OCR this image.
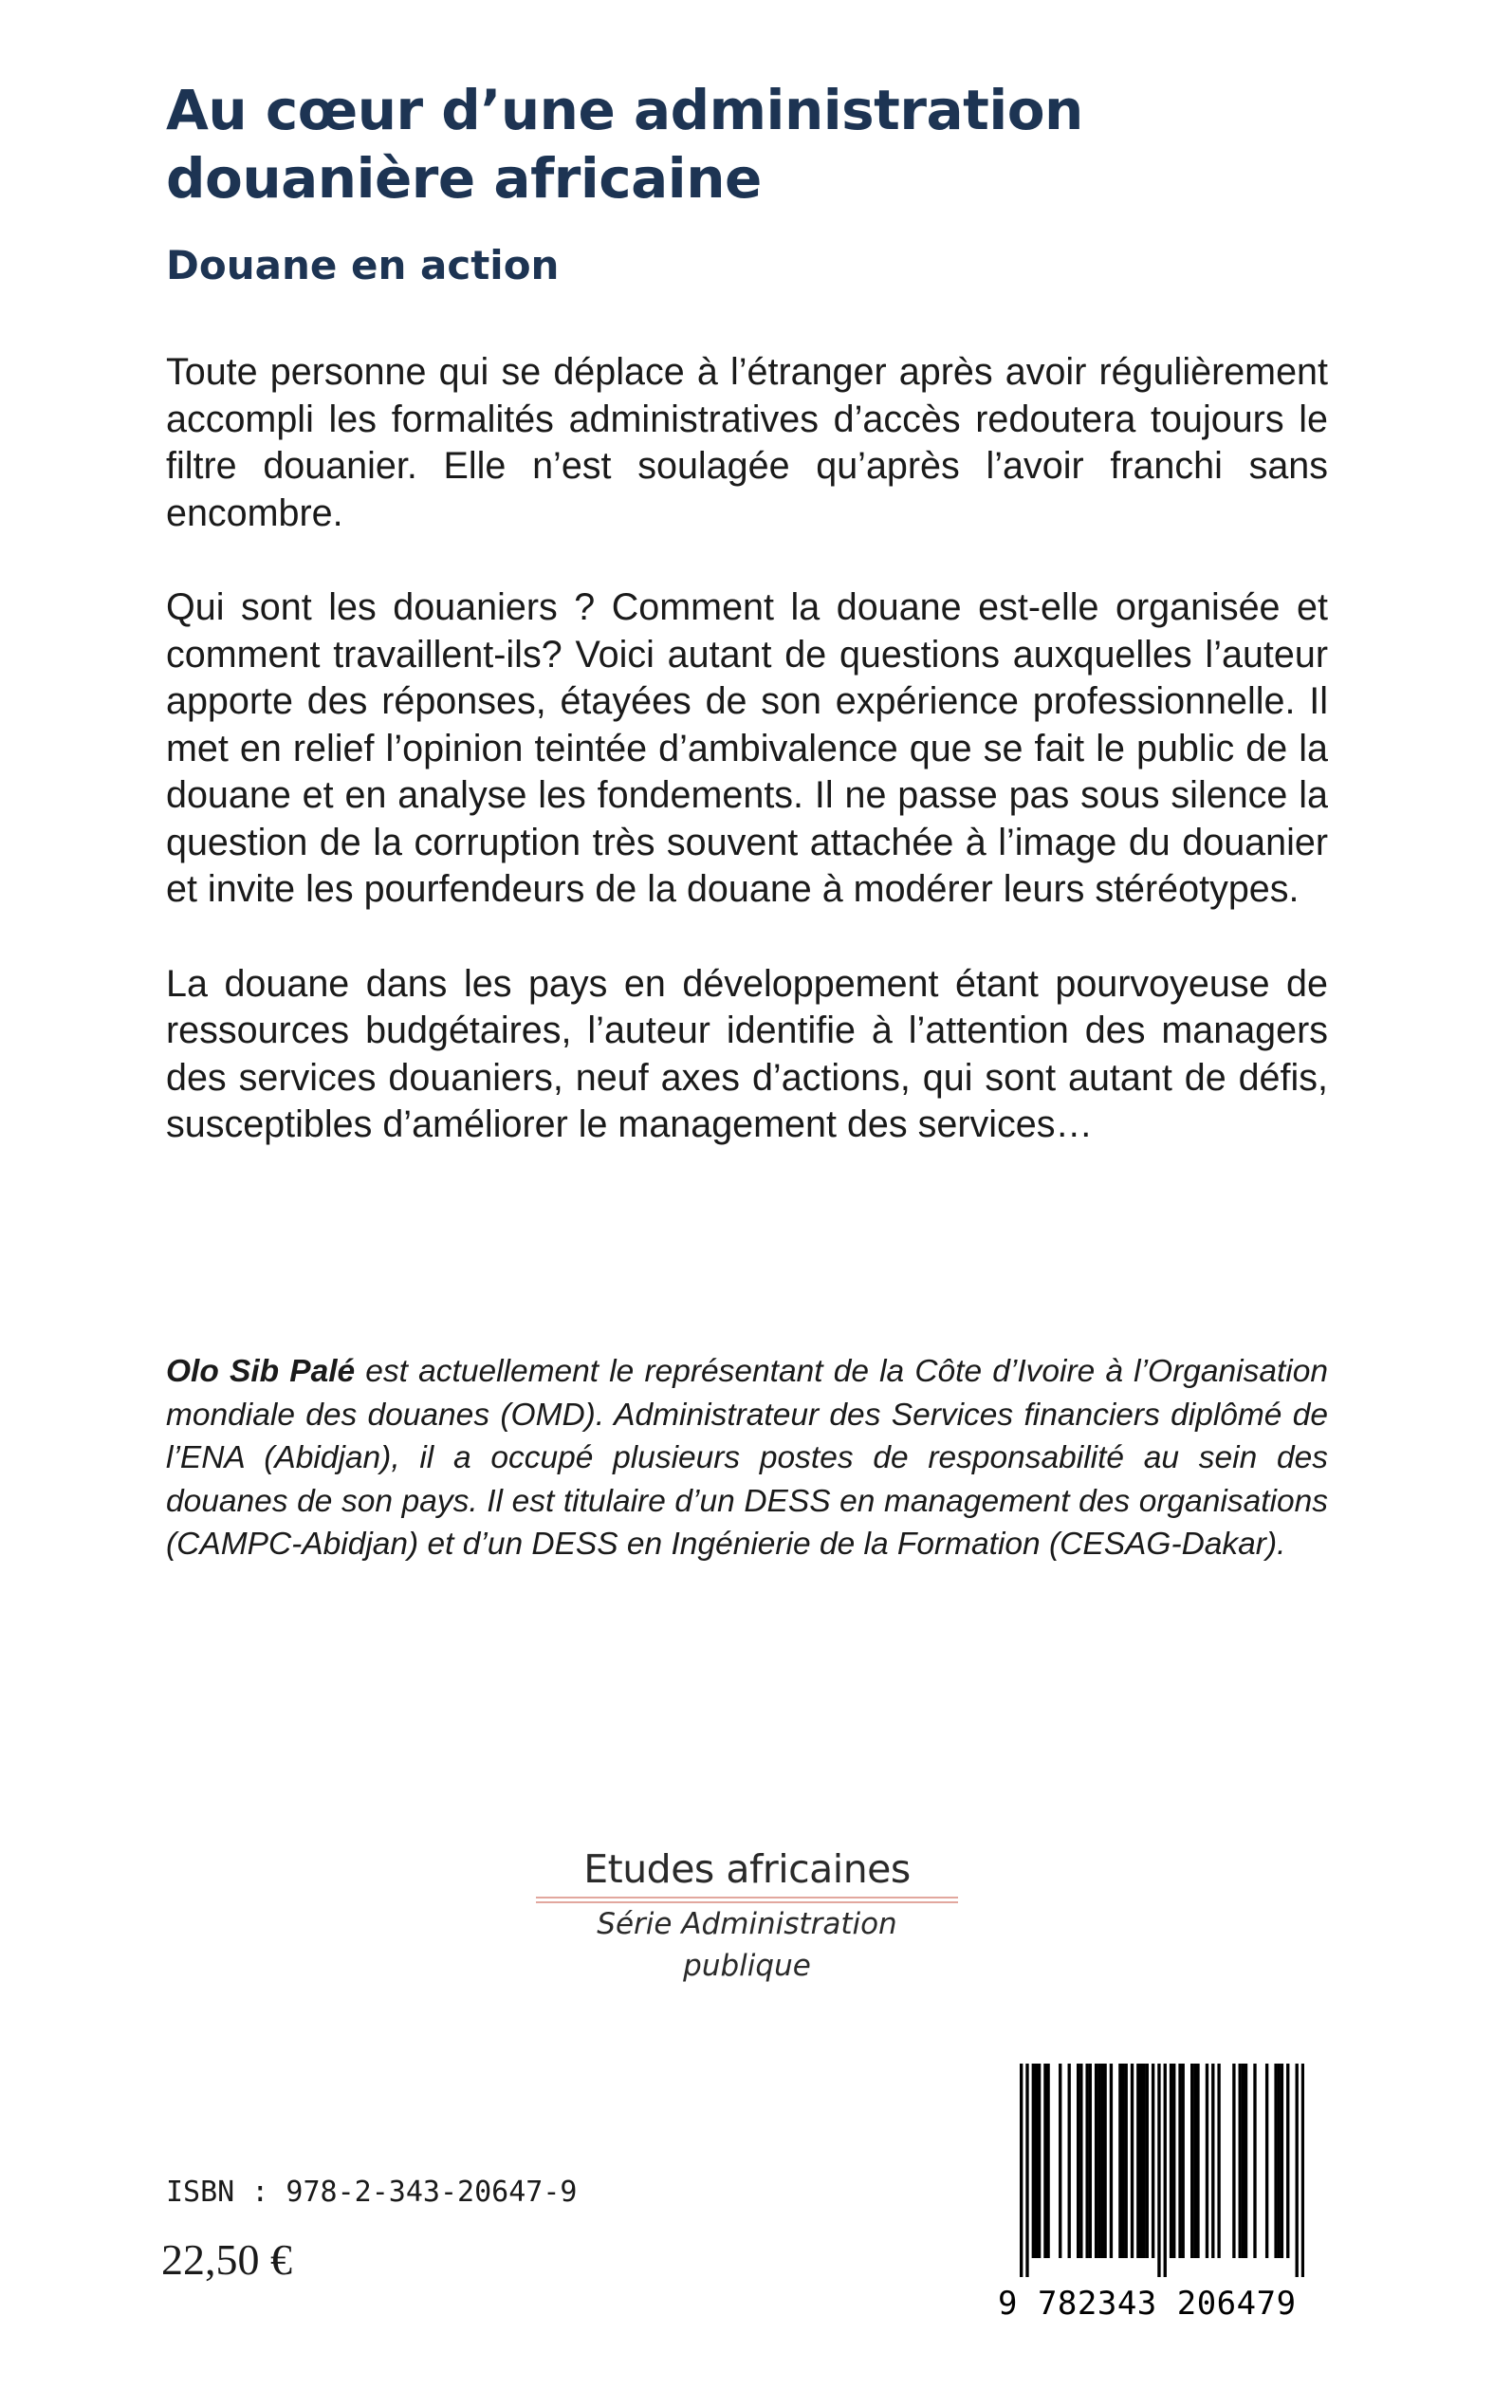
Au cœur d’une administration
douanière africaine
Douane en action

Toute personne qui se déplace à l’étranger après avoir régulièrement accompli les formalités administratives d’accès redoutera toujours le filtre douanier. Elle n’est soulagée qu’après l’avoir franchi sans encombre.

Qui sont les douaniers ? Comment la douane est-elle organisée et comment travaillent-ils? Voici autant de questions auxquelles l’auteur apporte des réponses, étayées de son expérience professionnelle. Il met en relief l’opinion teintée d’ambivalence que se fait le public de la douane et en analyse les fondements. Il ne passe pas sous silence la question de la corruption très souvent attachée à l’image du douanier et invite les pourfendeurs de la douane à modérer leurs stéréotypes.

La douane dans les pays en développement étant pourvoyeuse de ressources budgétaires, l’auteur identifie à l’attention des managers des services douaniers, neuf axes d’actions, qui sont autant de défis, susceptibles d’améliorer le management des services…

Olo Sib Palé est actuellement le représentant de la Côte d’Ivoire à l’Organisation mondiale des douanes (OMD). Administrateur des Services financiers diplômé de l’ENA (Abidjan), il a occupé plusieurs postes de responsabilité au sein des douanes de son pays. Il est titulaire d’un DESS en management des organisations (CAMPC-Abidjan) et d’un DESS en Ingénierie de la Formation (CESAG-Dakar).

Etudes africaines
Série Administration publique
ISBN : 978-2-343-20647-9
22,50 €
9 782343 206479
